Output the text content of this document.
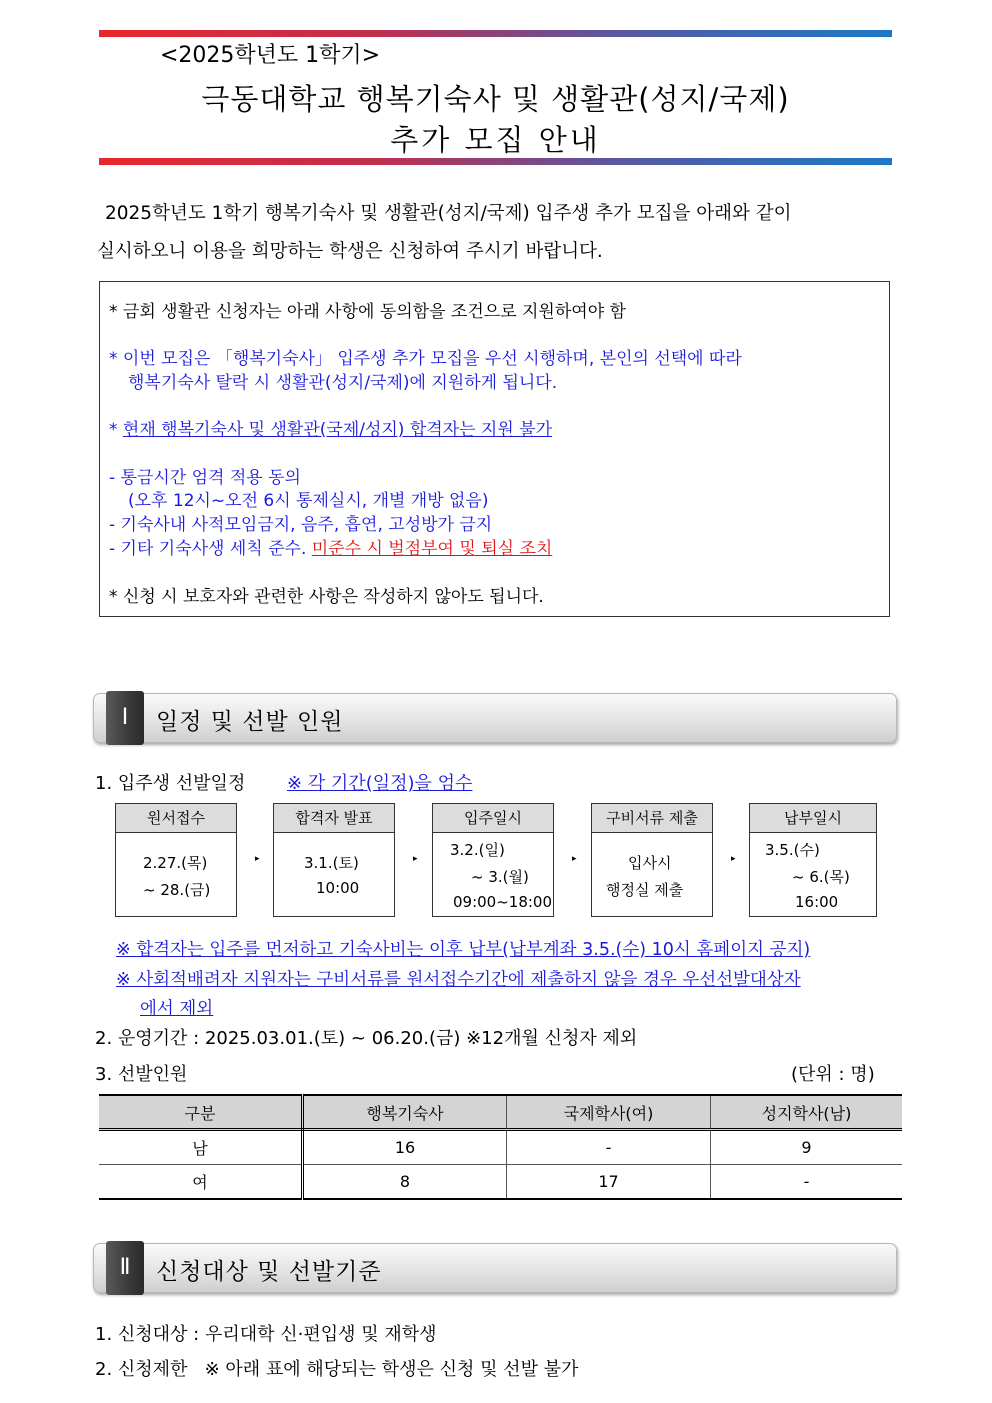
<2025학년도 1학기>
극동대학교 행복기숙사 및 생활관(성지/국제)
추가 모집 안내
2025학년도 1학기 행복기숙사 및 생활관(성지/국제) 입주생 추가 모집을 아래와 같이
실시하오니 이용을 희망하는 학생은 신청하여 주시기 바랍니다.
* 금회 생활관 신청자는 아래 사항에 동의함을 조건으로 지원하여야 함
* 이번 모집은 「행복기숙사」 입주생 추가 모집을 우선 시행하며, 본인의 선택에 따라
행복기숙사 탈락 시 생활관(성지/국제)에 지원하게 됩니다.
* 현재 행복기숙사 및 생활관(국제/성지) 합격자는 지원 불가
- 통금시간 엄격 적용 동의
(오후 12시~오전 6시 통제실시, 개별 개방 없음)
- 기숙사내 사적모임금지, 음주, 흡연, 고성방가 금지
- 기타 기숙사생 세칙 준수. 미준수 시 벌점부여 및 퇴실 조치
* 신청 시 보호자와 관련한 사항은 작성하지 않아도 됩니다.
Ⅰ	일정 및 선발 인원
1. 입주생 선발일정 ※ 각 기간(일정)을 엄수
원서접수
2.27.(목)
~ 28.(금)
▸
합격자 발표
3.1.(토)
10:00
▸
입주일시
3.2.(일)
~ 3.(월)
09:00~18:00
▸
구비서류 제출
입사시
행정실 제출
▸
납부일시
3.5.(수)
~ 6.(목)
16:00
※ 합격자는 입주를 먼저하고 기숙사비는 이후 납부(납부계좌 3.5.(수) 10시 홈페이지 공지)
※ 사회적배려자 지원자는 구비서류를 원서접수기간에 제출하지 않을 경우 우선선발대상자
에서 제외
2. 운영기간 : 2025.03.01.(토) ~ 06.20.(금) ※12개월 신청자 제외
3. 선발인원	(단위 : 명)
구분	행복기숙사	국제학사(여)	성지학사(남)
남	16	-	9
여	8	17	-
Ⅱ	신청대상 및 선발기준
1. 신청대상 : 우리대학 신·편입생 및 재학생
2. 신청제한   ※ 아래 표에 해당되는 학생은 신청 및 선발 불가
